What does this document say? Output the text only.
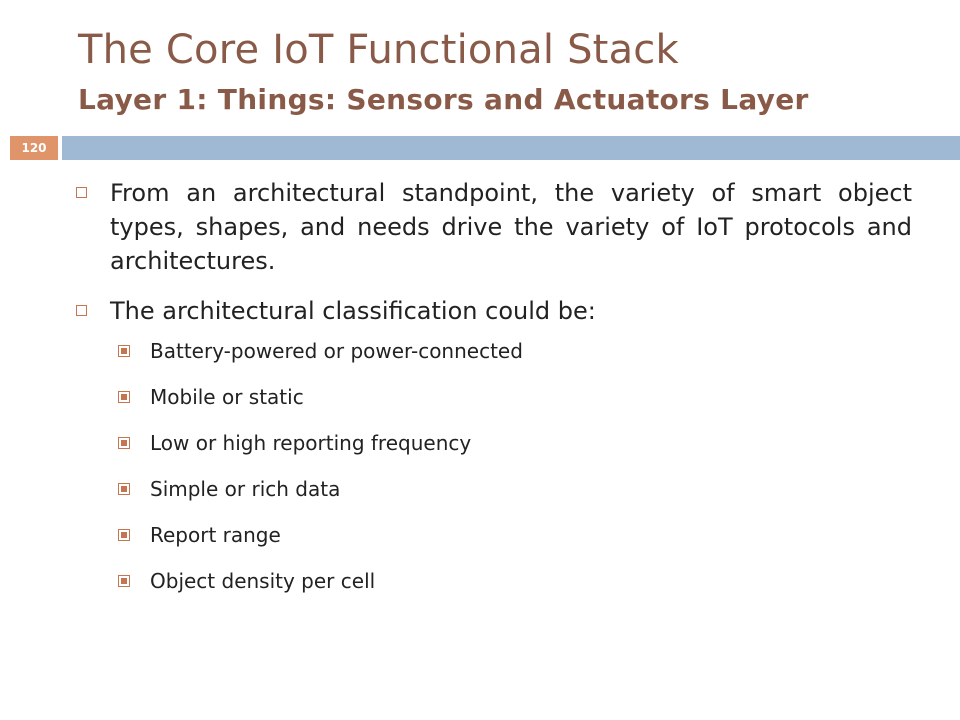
The Core IoT Functional Stack
Layer 1: Things: Sensors and Actuators Layer
120
From an architectural standpoint, the variety of smart object types, shapes, and needs drive the variety of IoT protocols and architectures.
The architectural classification could be:
Battery-powered or power-connected
Mobile or static
Low or high reporting frequency
Simple or rich data
Report range
Object density per cell
